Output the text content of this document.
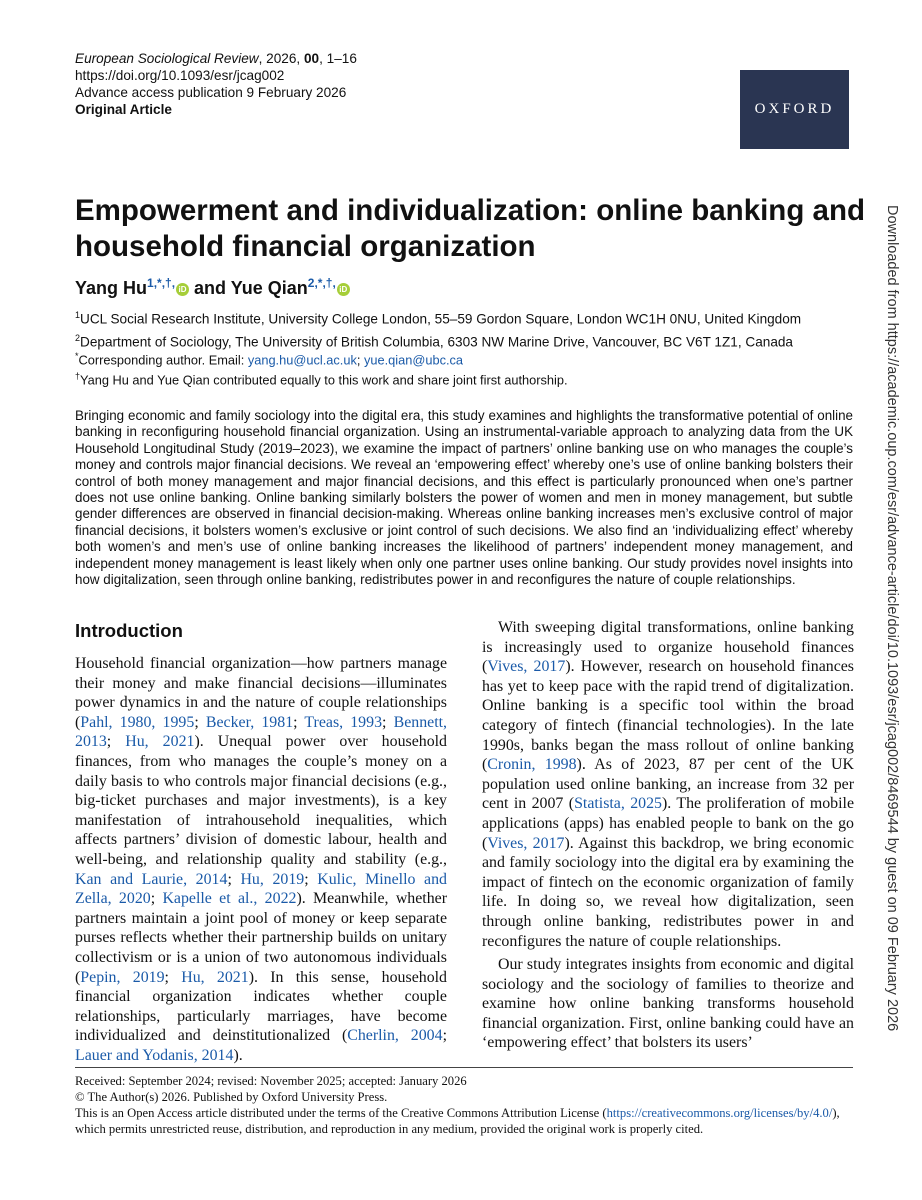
European Sociological Review, 2026, 00, 1–16
https://doi.org/10.1093/esr/jcag002
Advance access publication 9 February 2026
Original Article	OXFORD
Empowerment and individualization: online banking and household financial organization
Yang $Hu^{1,*,\dagger,}$ iD and Yue Qian$^{2,*,\dagger,}$ iD
$^1$UCL Social Research Institute, University College London, 55–59 Gordon Square, London WC1H 0NU, United Kingdom
$^2$Department of Sociology, The University of British Columbia, 6303 NW Marine Drive, Vancouver, BC V6T 1Z1, Canada
*Corresponding author. Email: yang.hu@ucl.ac.uk; yue.qian@ubc.ca
†Yang Hu and Yue Qian contributed equally to this work and share joint first authorship.

Bringing economic and family sociology into the digital era, this study examines and highlights the transformative potential of online banking in reconfiguring household financial organization. Using an instrumental-variable approach to analyzing data from the UK Household Longitudinal Study (2019–2023), we examine the impact of partners’ online banking use on who manages the couple’s money and controls major financial decisions. We reveal an ‘empowering effect’ whereby one’s use of online banking bolsters their control of both money management and major financial decisions, and this effect is particularly pronounced when one’s partner does not use online banking. Online banking similarly bolsters the power of women and men in money management, but subtle gender differences are observed in financial decision-making. Whereas online banking increases men’s exclusive control of major financial decisions, it bolsters women’s exclusive or joint control of such decisions. We also find an ‘individualizing effect’ whereby both women’s and men’s use of online banking increases the likelihood of partners’ independent money management, and independent money management is least likely when only one partner uses online banking. Our study provides novel insights into how digitalization, seen through online banking, redistributes power in and reconfigures the nature of couple relationships.

Introduction

Household financial organization—how partners manage their money and make financial decisions—illuminates power dynamics in and the nature of couple relationships (Pahl, 1980, 1995; Becker, 1981; Treas, 1993; Bennett, 2013; Hu, 2021). Unequal power over household finances, from who manages the couple’s money on a daily basis to who controls major financial decisions (e.g., big-ticket purchases and major investments), is a key manifestation of intrahousehold inequalities, which affects partners’ division of domestic labour, health and well-being, and relationship quality and stability (e.g., Kan and Laurie, 2014; Hu, 2019; Kulic, Minello and Zella, 2020; Kapelle et al., 2022). Meanwhile, whether partners maintain a joint pool of money or keep separate purses reflects whether their partnership builds on unitary collectivism or is a union of two autonomous individuals (Pepin, 2019; Hu, 2021). In this sense, household financial organization indicates whether couple relationships, particularly marriages, have become individualized and deinstitutionalized (Cherlin, 2004; Lauer and Yodanis, 2014).

With sweeping digital transformations, online banking is increasingly used to organize household finances (Vives, 2017). However, research on household finances has yet to keep pace with the rapid trend of digitalization. Online banking is a specific tool within the broad category of fintech (financial technologies). In the late 1990s, banks began the mass rollout of online banking (Cronin, 1998). As of 2023, 87 per cent of the UK population used online banking, an increase from 32 per cent in 2007 (Statista, 2025). The proliferation of mobile applications (apps) has enabled people to bank on the go (Vives, 2017). Against this backdrop, we bring economic and family sociology into the digital era by examining the impact of fintech on the economic organization of family life. In doing so, we reveal how digitalization, seen through online banking, redistributes power in and reconfigures the nature of couple relationships.

Our study integrates insights from economic and digital sociology and the sociology of families to theorize and examine how online banking transforms household financial organization. First, online banking could have an ‘empowering effect’ that bolsters its users’

Received: September 2024; revised: November 2025; accepted: January 2026
© The Author(s) 2026. Published by Oxford University Press.
This is an Open Access article distributed under the terms of the Creative Commons Attribution License (https://creativecommons.org/licenses/by/4.0/), which permits unrestricted reuse, distribution, and reproduction in any medium, provided the original work is properly cited.
Downloaded from https://academic.oup.com/esr/advance-article/doi/10.1093/esr/jcag002/8469544 by guest on 09 February 2026
